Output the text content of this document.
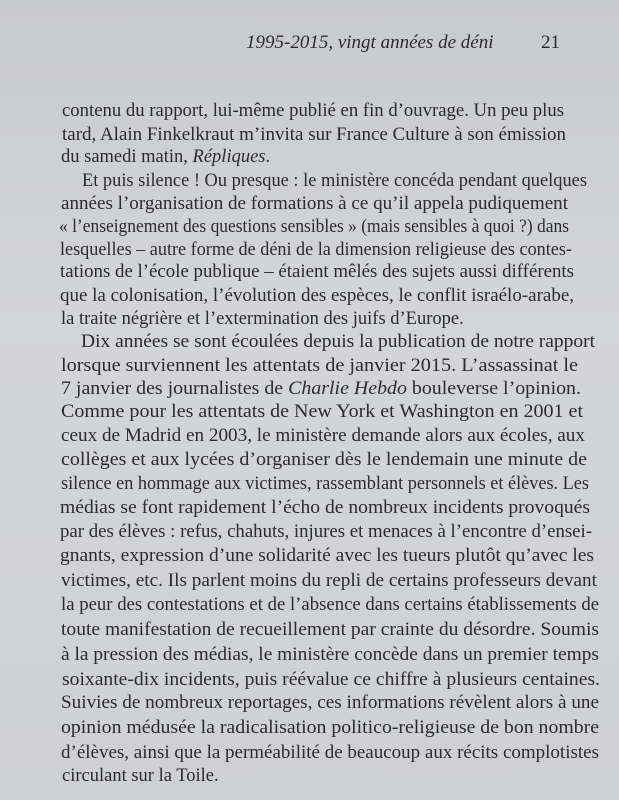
1995-2015, vingt années de déni	21
contenu du rapport, lui-même publié en fin d’ouvrage. Un peu plus
tard, Alain Finkelkraut m’invita sur France Culture à son émission
du samedi matin, Répliques.
Et puis silence ! Ou presque : le ministère concéda pendant quelques
années l’organisation de formations à ce qu’il appela pudiquement
« l’enseignement des questions sensibles » (mais sensibles à quoi ?) dans
lesquelles – autre forme de déni de la dimension religieuse des contes-
tations de l’école publique – étaient mêlés des sujets aussi différents
que la colonisation, l’évolution des espèces, le conflit israélo-arabe,
la traite négrière et l’extermination des juifs d’Europe.
Dix années se sont écoulées depuis la publication de notre rapport
lorsque surviennent les attentats de janvier 2015. L’assassinat le
7 janvier des journalistes de Charlie Hebdo bouleverse l’opinion.
Comme pour les attentats de New York et Washington en 2001 et
ceux de Madrid en 2003, le ministère demande alors aux écoles, aux
collèges et aux lycées d’organiser dès le lendemain une minute de
silence en hommage aux victimes, rassemblant personnels et élèves. Les
médias se font rapidement l’écho de nombreux incidents provoqués
par des élèves : refus, chahuts, injures et menaces à l’encontre d’ensei-
gnants, expression d’une solidarité avec les tueurs plutôt qu’avec les
victimes, etc. Ils parlent moins du repli de certains professeurs devant
la peur des contestations et de l’absence dans certains établissements de
toute manifestation de recueillement par crainte du désordre. Soumis
à la pression des médias, le ministère concède dans un premier temps
soixante-dix incidents, puis réévalue ce chiffre à plusieurs centaines.
Suivies de nombreux reportages, ces informations révèlent alors à une
opinion médusée la radicalisation politico-religieuse de bon nombre
d’élèves, ainsi que la perméabilité de beaucoup aux récits complotistes
circulant sur la Toile.
